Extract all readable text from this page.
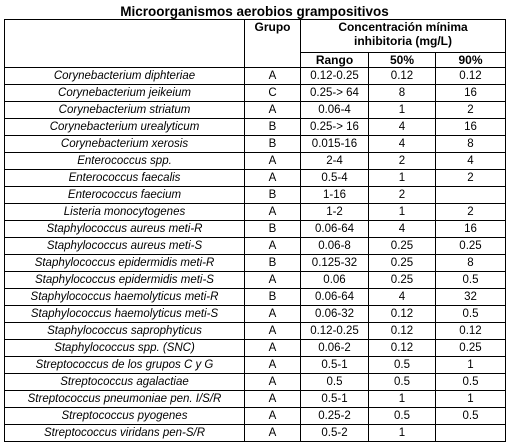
Microorganismos aerobios grampositivos
	Grupo	Concentración mínima
inhibitoria (mg/L)		

		Rango	50%	90%
Corynebacterium diphteriae	A	0.12-0.25	0.12	0.12
Corynebacterium jeikeium	C	0.25-> 64	8	16
Corynebacterium striatum	A	0.06-4	1	2
Corynebacterium urealyticum	B	0.25-> 16	4	16
Corynebacterium xerosis	B	0.015-16	4	8
Enterococcus spp.	A	2-4	2	4
Enterococcus faecalis	A	0.5-4	1	2
Enterococcus faecium	B	1-16	2	
Listeria monocytogenes	A	1-2	1	2
Staphylococcus aureus meti-R	B	0.06-64	4	16
Staphylococcus aureus meti-S	A	0.06-8	0.25	0.25
Staphylococcus epidermidis meti-R	B	0.125-32	0.25	8
Staphylococcus epidermidis meti-S	A	0.06	0.25	0.5
Staphylococcus haemolyticus meti-R	B	0.06-64	4	32
Staphylococcus haemolyticus meti-S	A	0.06-32	0.12	0.5
Staphylococcus saprophyticus	A	0.12-0.25	0.12	0.12
Staphylococcus spp. (SNC)	A	0.06-2	0.12	0.25
Streptococcus de los grupos C y G	A	0.5-1	0.5	1
Streptococcus agalactiae	A	0.5	0.5	0.5
Streptococcus pneumoniae pen. I/S/R	A	0.5-1	1	1
Streptococcus pyogenes	A	0.25-2	0.5	0.5
Streptococcus viridans pen-S/R	A	0.5-2	1	
